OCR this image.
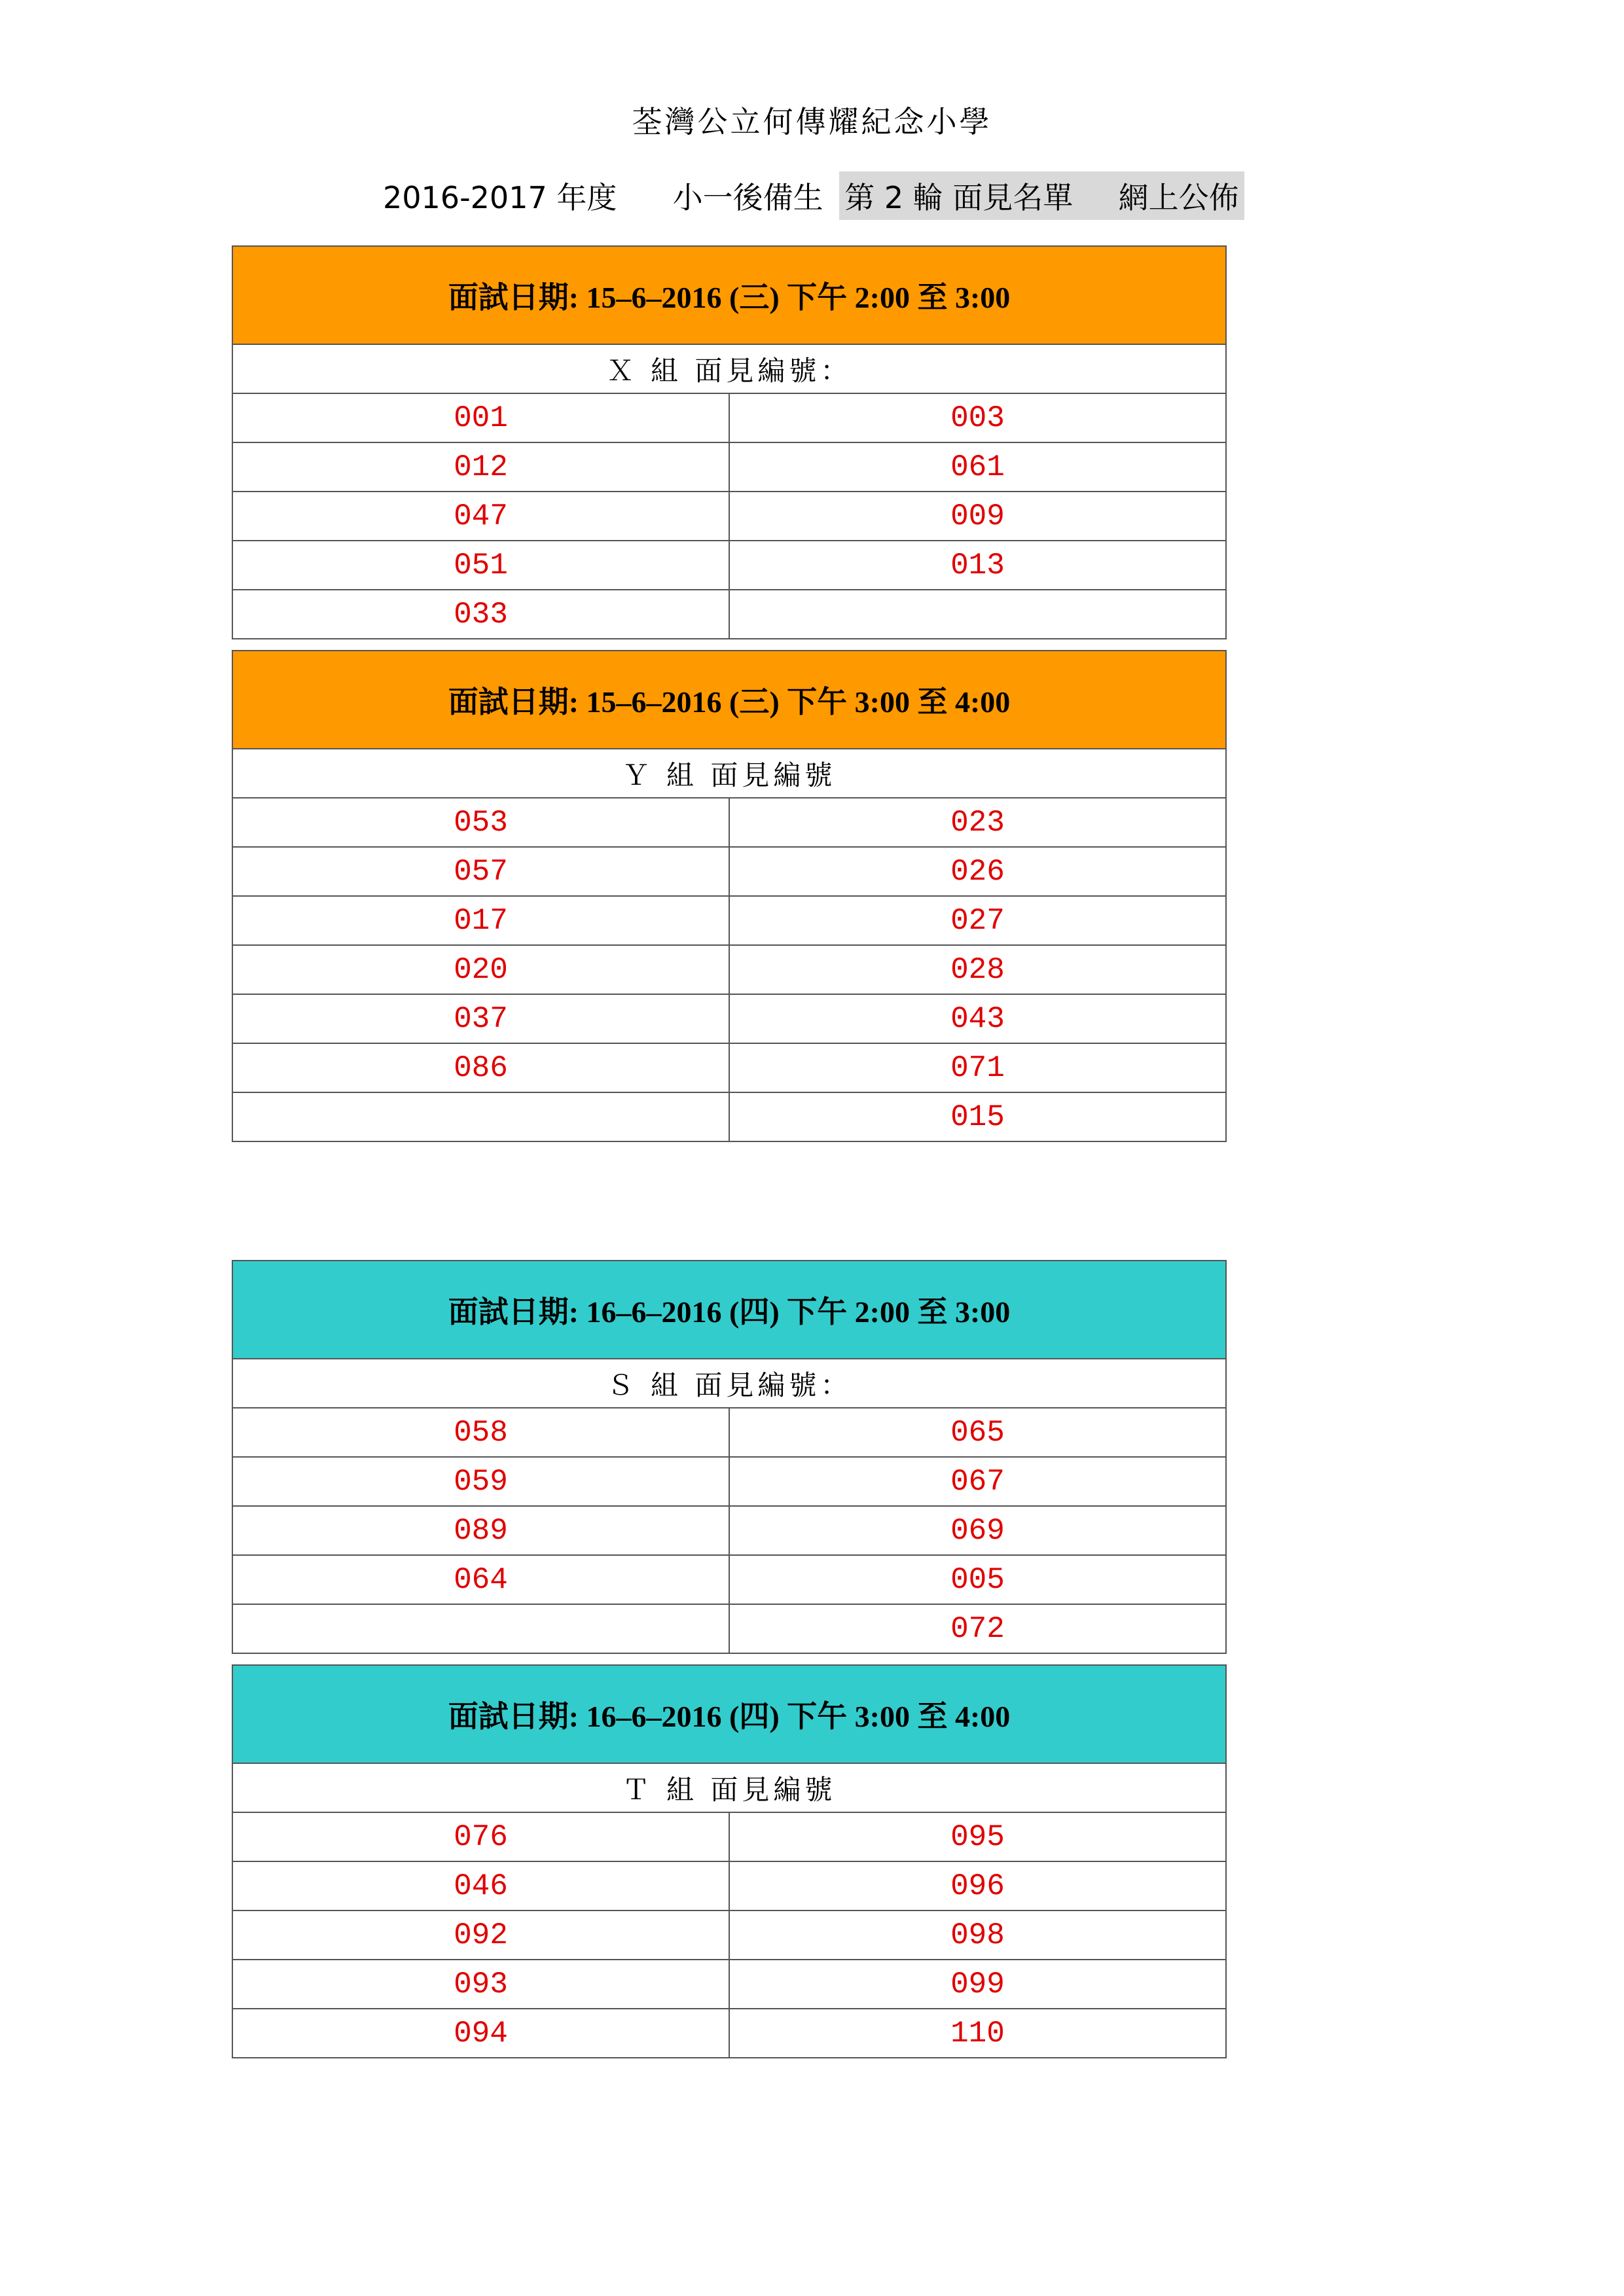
荃灣公立何傳耀紀念小學
2016-2017 年度 小一後備生 第 2 輪 面見名單 網上公佈
面試日期: 15–6–2016 (三) 下午 2:00 至 3:00	
Ｘ 組 面見編號：	
001	003
012	061
047	009
051	013
033	
面試日期: 15–6–2016 (三) 下午 3:00 至 4:00	
Ｙ 組 面見編號	
053	023
057	026
017	027
020	028
037	043
086	071
	015
面試日期: 16–6–2016 (四) 下午 2:00 至 3:00	
Ｓ 組 面見編號：	
058	065
059	067
089	069
064	005
	072
面試日期: 16–6–2016 (四) 下午 3:00 至 4:00	
Ｔ 組 面見編號	
076	095
046	096
092	098
093	099
094	110
